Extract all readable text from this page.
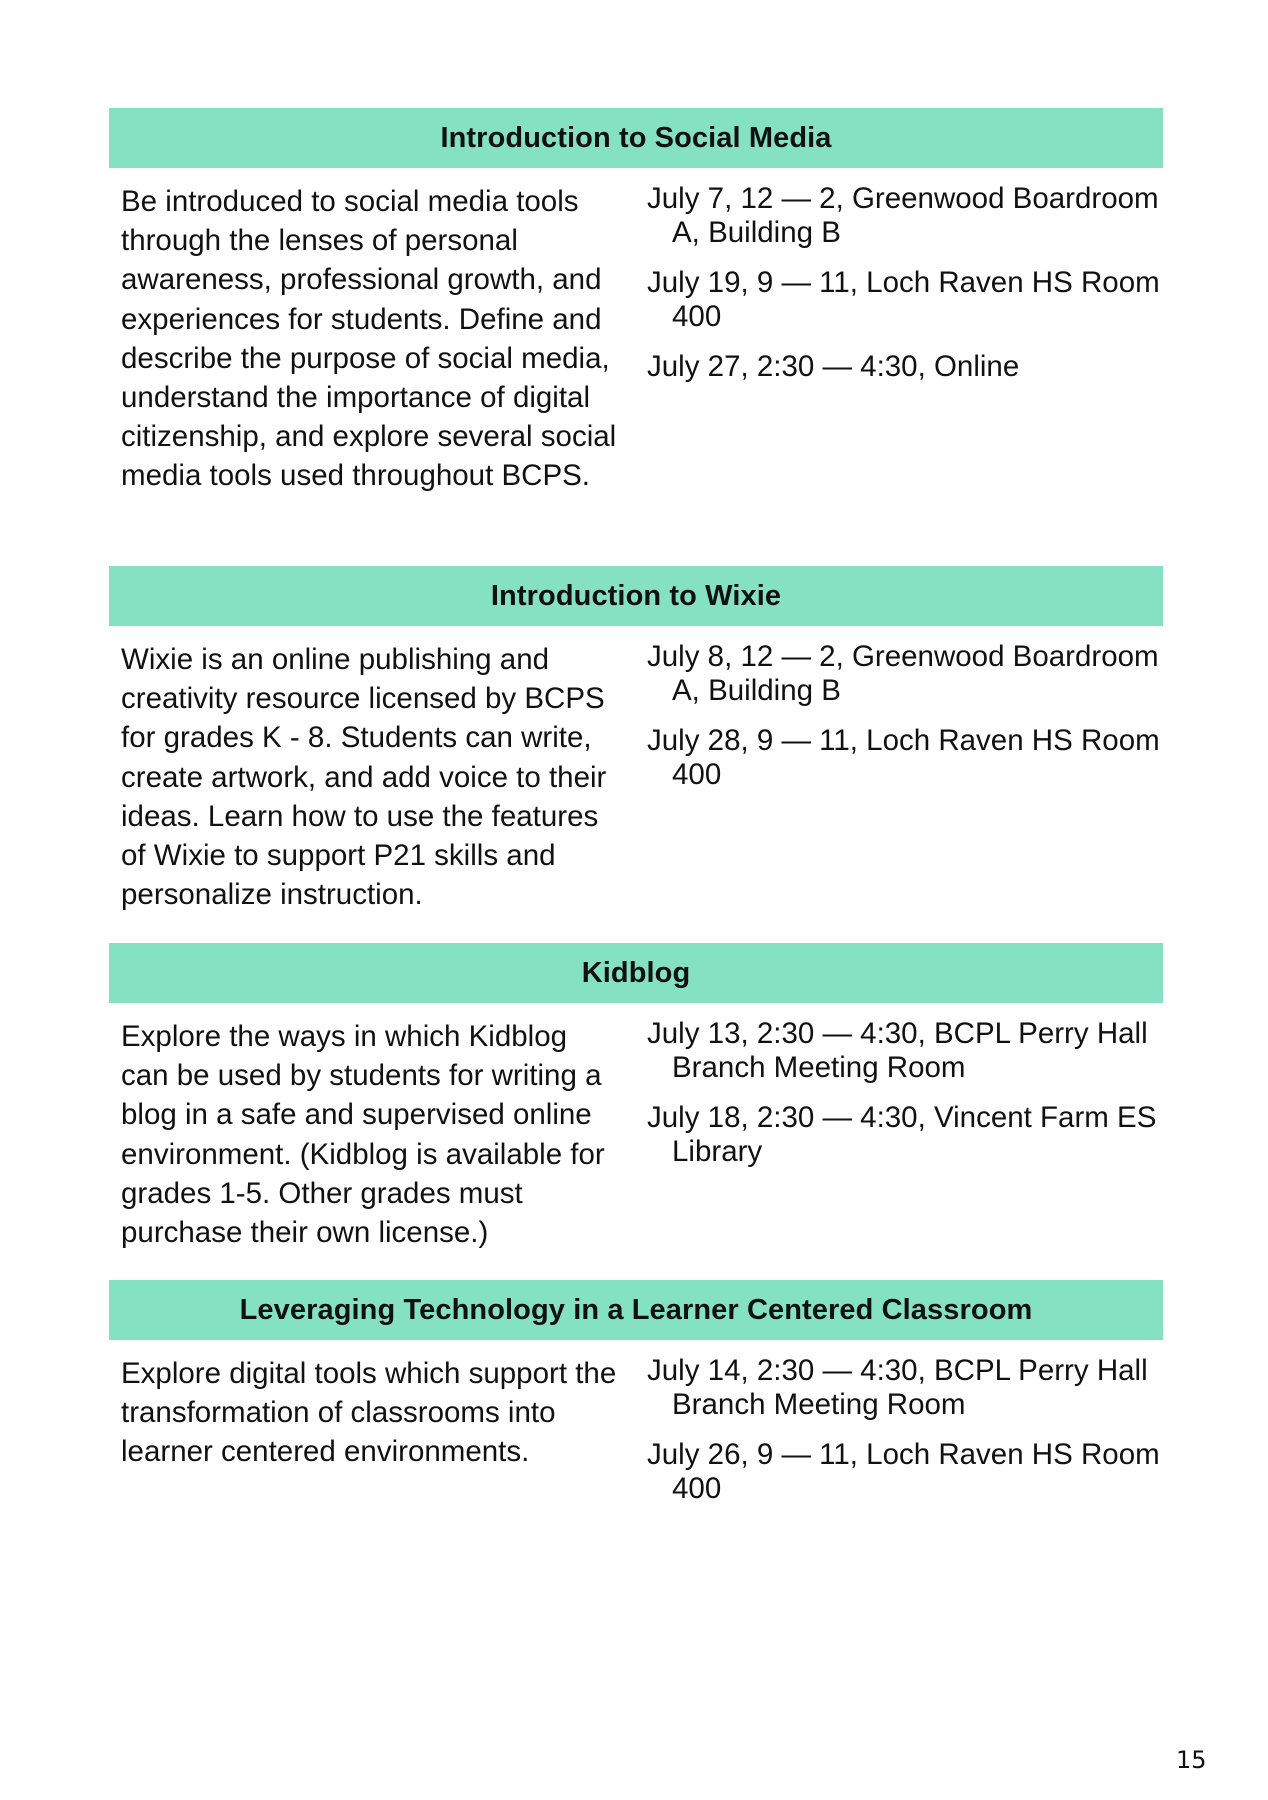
Introduction to Social Media
Be introduced to social media tools through the lenses of personal awareness, professional growth, and experiences for students. Define and describe the purpose of social media, understand the importance of digital citizenship, and explore several social media tools used throughout BCPS.
July 7, 12 — 2, Greenwood Boardroom A, Building B
July 19, 9 — 11, Loch Raven HS Room 400
July 27, 2:30 — 4:30, Online
Introduction to Wixie
Wixie is an online publishing and creativity resource licensed by BCPS for grades K - 8. Students can write, create artwork, and add voice to their ideas. Learn how to use the features of Wixie to support P21 skills and personalize instruction.
July 8, 12 — 2, Greenwood Boardroom A, Building B
July 28, 9 — 11, Loch Raven HS Room 400
Kidblog
Explore the ways in which Kidblog can be used by students for writing a blog in a safe and supervised online environment. (Kidblog is available for grades 1-5. Other grades must purchase their own license.)
July 13, 2:30 — 4:30, BCPL Perry Hall Branch Meeting Room
July 18, 2:30 — 4:30, Vincent Farm ES Library
Leveraging Technology in a Learner Centered Classroom
Explore digital tools which support the transformation of classrooms into learner centered environments.
July 14, 2:30 — 4:30, BCPL Perry Hall Branch Meeting Room
July 26, 9 — 11, Loch Raven HS Room 400
15
